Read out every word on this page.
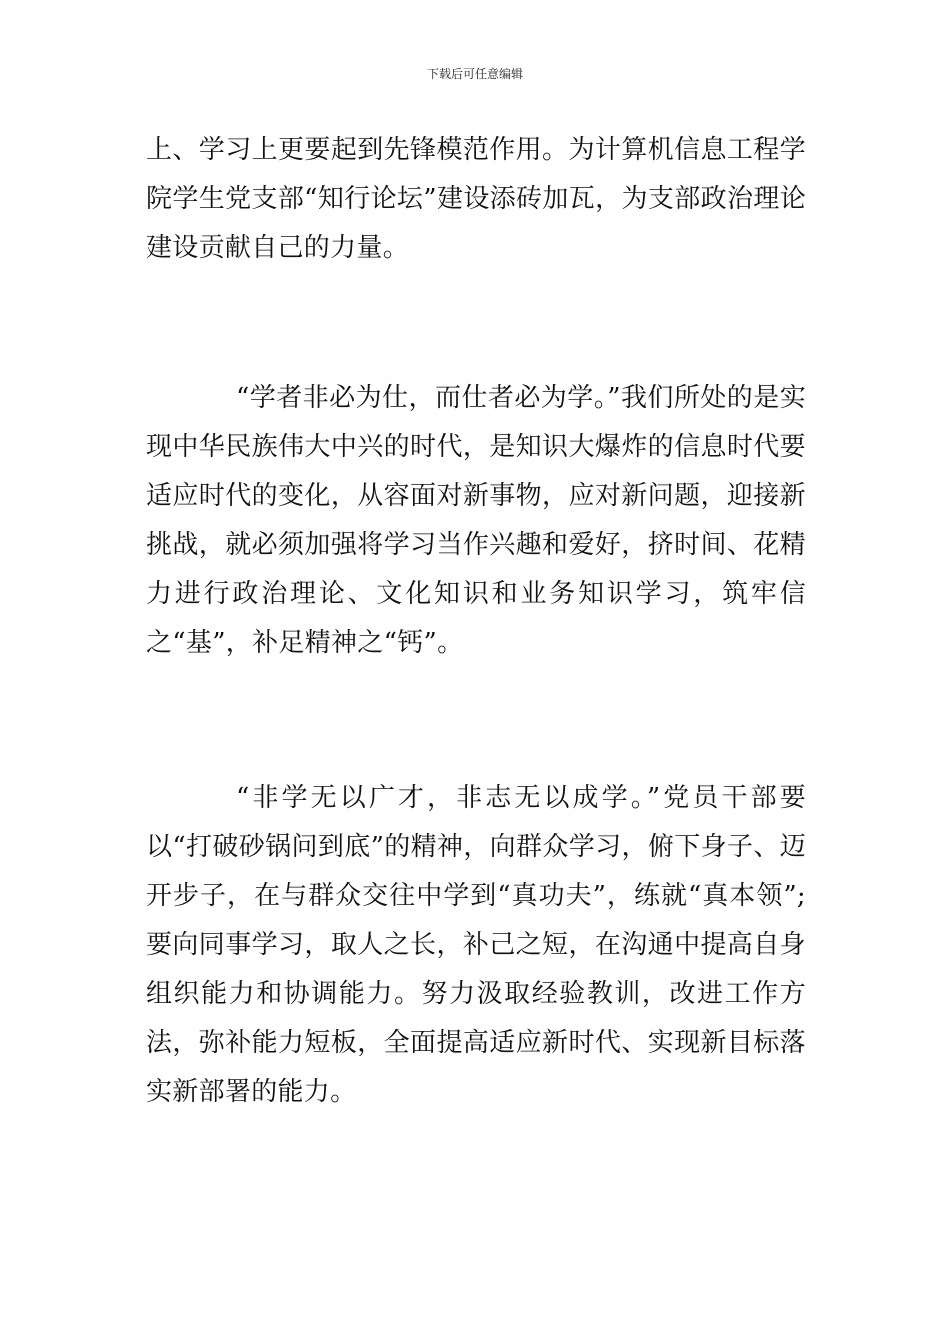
下载后可任意编辑

上、学习上更要起到先锋模范作用。为计算机信息工程学院学生党支部“知行论坛”建设添砖加瓦，为支部政治理论建设贡献自己的力量。

“学者非必为仕，而仕者必为学。”我们所处的是实现中华民族伟大中兴的时代，是知识大爆炸的信息时代要适应时代的变化，从容面对新事物，应对新问题，迎接新挑战，就必须加强将学习当作兴趣和爱好，挤时间、花精力进行政治理论、文化知识和业务知识学习，筑牢信之“基”，补足精神之“钙”。

“非学无以广才，非志无以成学。”党员干部要以“打破砂锅问到底”的精神，向群众学习，俯下身子、迈开步子，在与群众交往中学到“真功夫”，练就“真本领”;要向同事学习，取人之长，补己之短，在沟通中提高自身组织能力和协调能力。努力汲取经验教训，改进工作方法，弥补能力短板，全面提高适应新时代、实现新目标落实新部署的能力。
